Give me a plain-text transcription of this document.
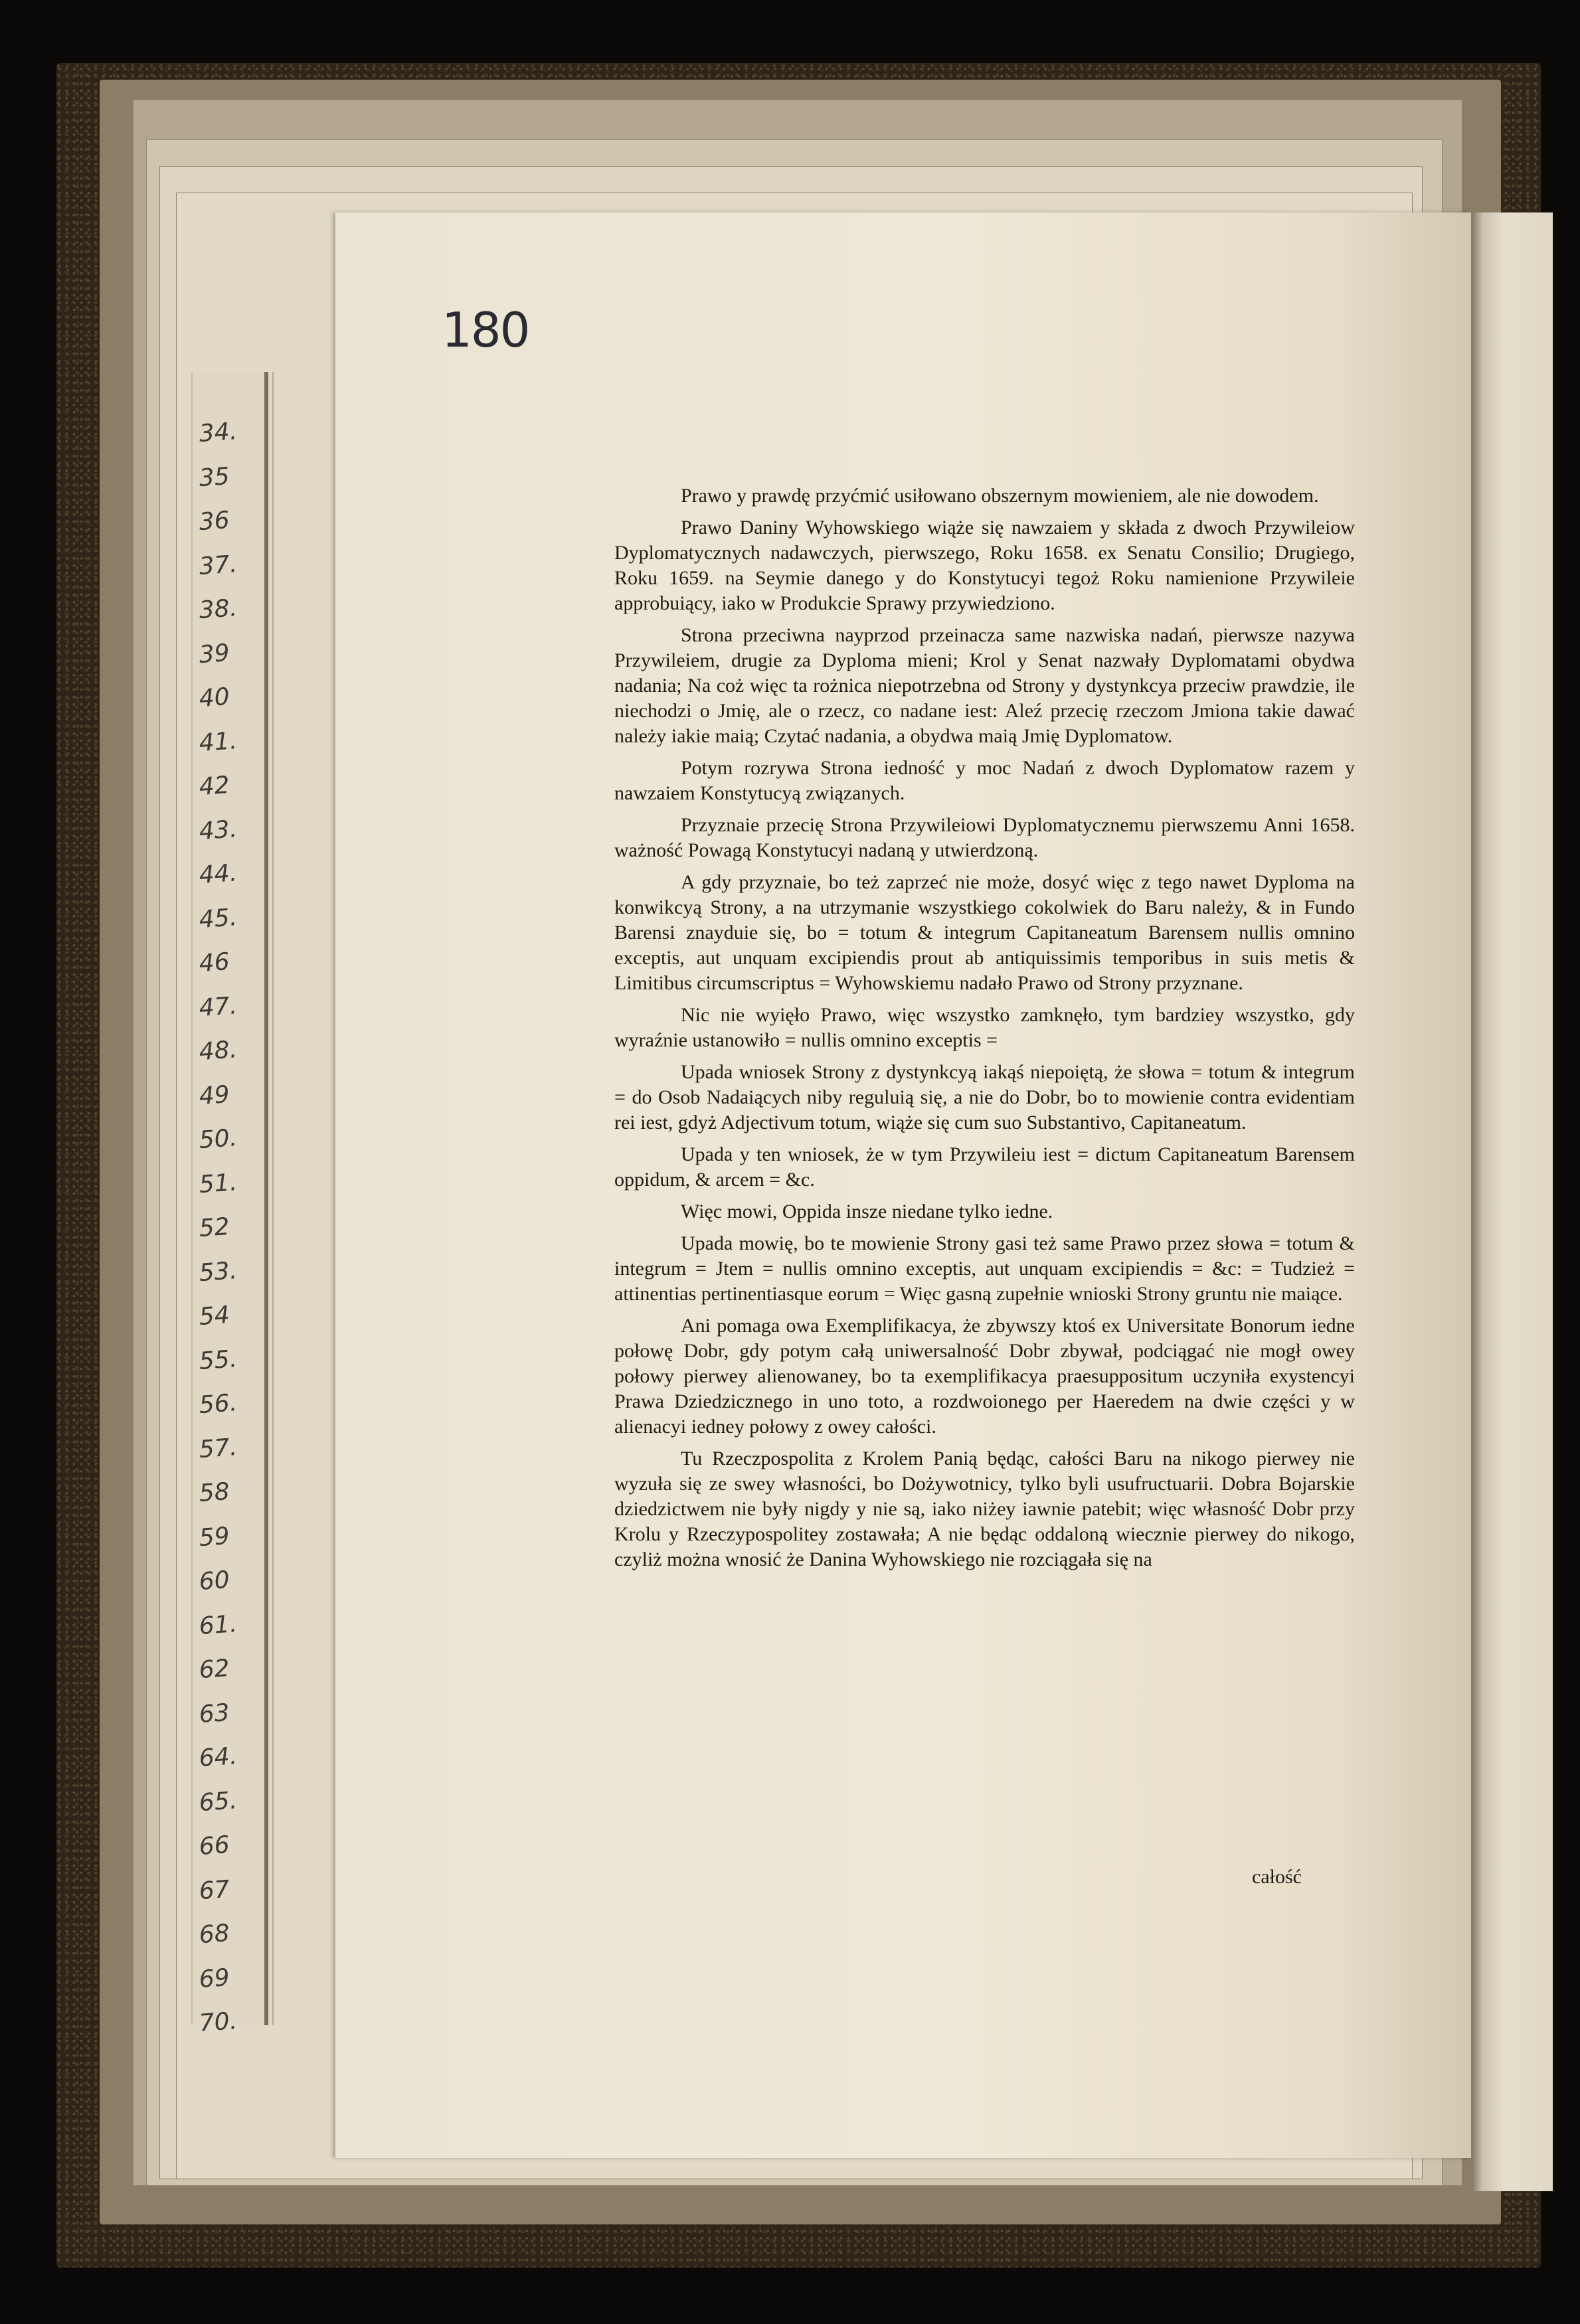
34.
35
36
37.
38.
39
40
41.
42
43.
44.
45.
46
47.
48.
49
50.
51.
52
53.
54
55.
56.
57.
58
59
60
61.
62
63
64.
65.
66
67
68
69
70.
180

Prawo y prawdę przyćmić usiłowano obszernym mowieniem, ale nie dowodem.

Prawo Daniny Wyhowskiego wiąże się nawzaiem y składa z dwoch Przywileiow Dyplomatycznych nadawczych, pierwszego, Roku 1658. ex Senatu Consilio; Drugiego, Roku 1659. na Seymie danego y do Konstytucyi tegoż Roku namienione Przywileie approbuiący, iako w Produkcie Sprawy przywiedziono.

Strona przeciwna nayprzod przeinacza same nazwiska nadań, pierwsze nazywa Przywileiem, drugie za Dyploma mieni; Krol y Senat nazwały Dyplomatami obydwa nadania; Na coż więc ta rożnica niepotrzebna od Strony y dystynkcya przeciw prawdzie, ile niechodzi o Jmię, ale o rzecz, co nadane iest: Aleź przecię rzeczom Jmiona takie dawać należy iakie maią; Czytać nadania, a obydwa maią Jmię Dyplomatow.

Potym rozrywa Strona iedność y moc Nadań z dwoch Dyplomatow razem y nawzaiem Konstytucyą związanych.

Przyznaie przecię Strona Przywileiowi Dyplomatycznemu pierwszemu Anni 1658. ważność Powagą Konstytucyi nadaną y utwierdzoną.

A gdy przyznaie, bo też zaprzeć nie może, dosyć więc z tego nawet Dyploma na konwikcyą Strony, a na utrzymanie wszystkiego cokolwiek do Baru należy, & in Fundo Barensi znayduie się, bo = totum & integrum Capitaneatum Barensem nullis omnino exceptis, aut unquam excipiendis prout ab antiquissimis temporibus in suis metis & Limitibus circumscriptus = Wyhowskiemu nadało Prawo od Strony przyznane.

Nic nie wyięło Prawo, więc wszystko zamknęło, tym bardziey wszystko, gdy wyraźnie ustanowiło = nullis omnino exceptis =

Upada wniosek Strony z dystynkcyą iakąś niepoiętą, że słowa = totum & integrum = do Osob Nadaiących niby reguluią się, a nie do Dobr, bo to mowienie contra evidentiam rei iest, gdyż Adjectivum totum, wiąże się cum suo Substantivo, Capitaneatum.

Upada y ten wniosek, że w tym Przywileiu iest = dictum Capitaneatum Barensem oppidum, & arcem = &c.

Więc mowi, Oppida insze niedane tylko iedne.

Upada mowię, bo te mowienie Strony gasi też same Prawo przez słowa = totum & integrum = Jtem = nullis omnino exceptis, aut unquam excipiendis = &c: = Tudzież = attinentias pertinentiasque eorum = Więc gasną zupełnie wnioski Strony gruntu nie maiące.

Ani pomaga owa Exemplifikacya, że zbywszy ktoś ex Universitate Bonorum iedne połowę Dobr, gdy potym całą uniwersalność Dobr zbywał, podciągać nie mogł owey połowy pierwey alienowaney, bo ta exemplifikacya praesuppositum uczyniła exystencyi Prawa Dziedzicznego in uno toto, a rozdwoionego per Haeredem na dwie części y w alienacyi iedney połowy z owey całości.

Tu Rzeczpospolita z Krolem Panią będąc, całości Baru na nikogo pierwey nie wyzuła się ze swey własności, bo Dożywotnicy, tylko byli usufructuarii. Dobra Bojarskie dziedzictwem nie były nigdy y nie są, iako niżey iawnie patebit; więc własność Dobr przy Krolu y Rzeczypospolitey zostawała; A nie będąc oddaloną wiecznie pierwey do nikogo, czyliż można wnosić że Danina Wyhowskiego nie rozciągała się na

całość
